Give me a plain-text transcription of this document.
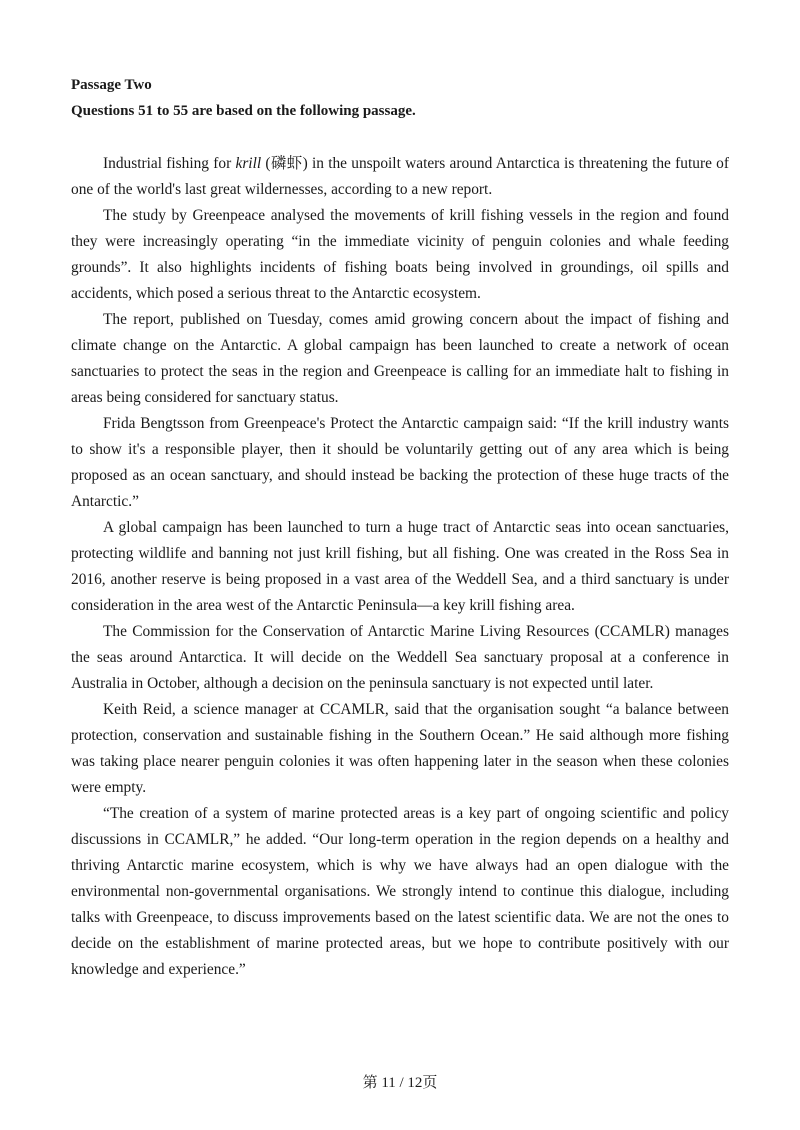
Passage Two
Questions 51 to 55 are based on the following passage.

Industrial fishing for krill (磷虾) in the unspoilt waters around Antarctica is threatening the future of one of the world's last great wildernesses, according to a new report.

The study by Greenpeace analysed the movements of krill fishing vessels in the region and found they were increasingly operating “in the immediate vicinity of penguin colonies and whale feeding grounds”. It also highlights incidents of fishing boats being involved in groundings, oil spills and accidents, which posed a serious threat to the Antarctic ecosystem.

The report, published on Tuesday, comes amid growing concern about the impact of fishing and climate change on the Antarctic. A global campaign has been launched to create a network of ocean sanctuaries to protect the seas in the region and Greenpeace is calling for an immediate halt to fishing in areas being considered for sanctuary status.

Frida Bengtsson from Greenpeace's Protect the Antarctic campaign said: “If the krill industry wants to show it's a responsible player, then it should be voluntarily getting out of any area which is being proposed as an ocean sanctuary, and should instead be backing the protection of these huge tracts of the Antarctic.”

A global campaign has been launched to turn a huge tract of Antarctic seas into ocean sanctuaries, protecting wildlife and banning not just krill fishing, but all fishing. One was created in the Ross Sea in 2016, another reserve is being proposed in a vast area of the Weddell Sea, and a third sanctuary is under consideration in the area west of the Antarctic Peninsula—a key krill fishing area.

The Commission for the Conservation of Antarctic Marine Living Resources (CCAMLR) manages the seas around Antarctica. It will decide on the Weddell Sea sanctuary proposal at a conference in Australia in October, although a decision on the peninsula sanctuary is not expected until later.

Keith Reid, a science manager at CCAMLR, said that the organisation sought “a balance between protection, conservation and sustainable fishing in the Southern Ocean.” He said although more fishing was taking place nearer penguin colonies it was often happening later in the season when these colonies were empty.

“The creation of a system of marine protected areas is a key part of ongoing scientific and policy discussions in CCAMLR,” he added. “Our long-term operation in the region depends on a healthy and thriving Antarctic marine ecosystem, which is why we have always had an open dialogue with the environmental non-governmental organisations. We strongly intend to continue this dialogue, including talks with Greenpeace, to discuss improvements based on the latest scientific data. We are not the ones to decide on the establishment of marine protected areas, but we hope to contribute positively with our knowledge and experience.”

第 11 / 12页
